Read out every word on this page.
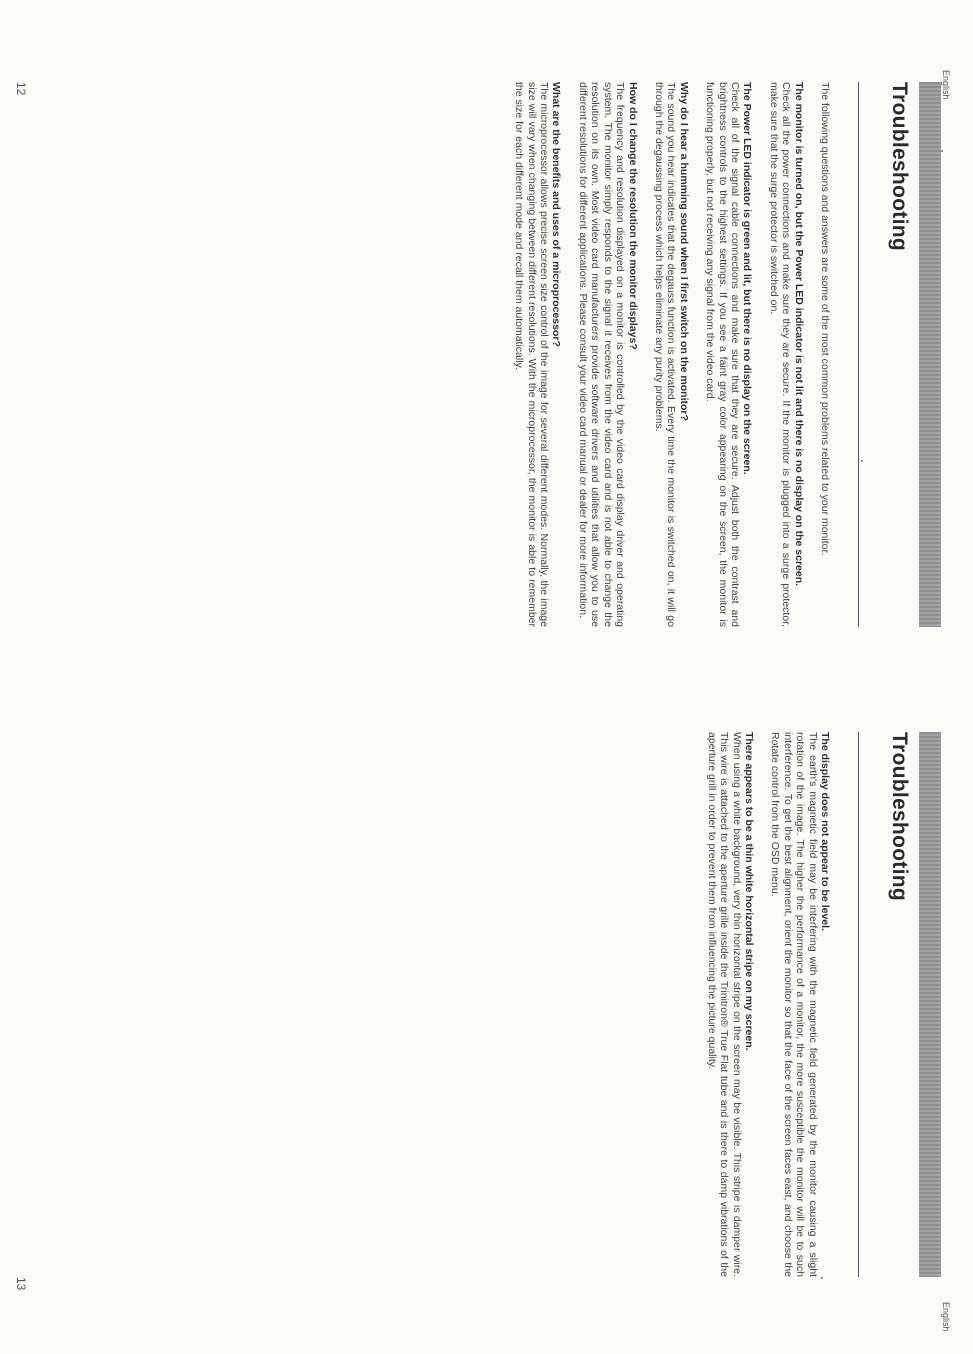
English
Troubleshooting

The following questions and answers are some of the most common problems related to your monitor.

The monitor is turned on, but the Power LED indicator is not lit and there is no display on the screen.

Check all the power connections and make sure they are secure. If the monitor is plugged into a surge protector, make sure that the surge protector is switched on.

The Power LED indicator is green and lit, but there is no display on the screen.

Check all of the signal cable connections and make sure that they are secure. Adjust both the contrast and brightness controls to the highest settings. If you see a faint gray color appearing on the screen, the monitor is functioning properly, but not receiving any signal from the video card.

Why do I hear a humming sound when I first switch on the monitor?

The sound you hear indicates that the degauss function is activated. Every time the monitor is switched on, it will go through the degaussing process which helps eliminate any purity problems.

How do I change the resolution the monitor displays?

The frequency and resolution displayed on a monitor is controlled by the video card display driver and operating system. The monitor simply responds to the signal it receives from the video card and is not able to change the resolution on its own. Most video card manufacturers provide software drivers and utilities that allow you to use different resolutions for different applications. Please consult your video card manual or dealer for more information.

What are the benefits and uses of a microprocessor?

The microprocessor allows precise screen size control of the image for several different modes. Normally, the image size will vary when changing between different resolutions. With the microprocessor, the monitor is able to remember the size for each different mode and recall them automatically.

12
English
Troubleshooting
The display does not appear to be level.

The earth's magnetic field may be interfering with the magnetic field generated by the monitor causing a slight rotation of the image. The higher the performance of a monitor, the more susceptible the monitor will be to such interference. To get the best alignment, orient the monitor so that the face of the screen faces east, and choose the Rotate control from the OSD menu.

There appears to be a thin white horizontal stripe on my screen.

When using a white background, very thin horizontal stripe on the screen may be visible. This stripe is damper wire. This wire is attached to the aperture grille inside the Trinitron® True Flat tube and is there to damp vibrations of the aperture grill in order to prevent them from influencing the picture quality.

13
